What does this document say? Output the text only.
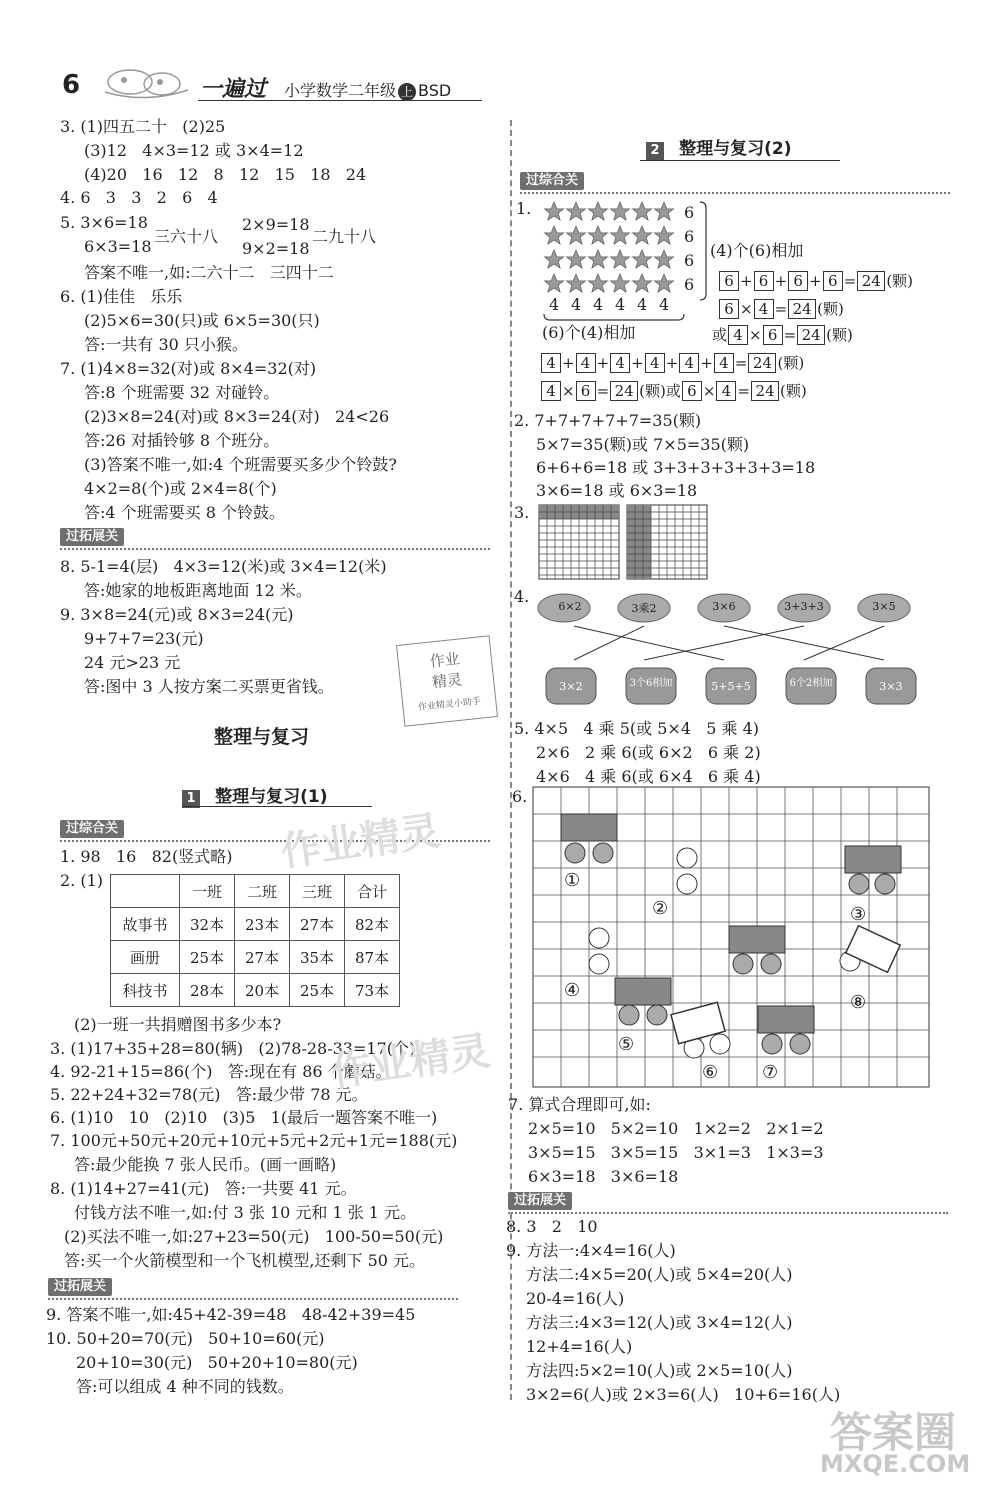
6	一遍过 小学数学二年级 上 BSD
3. (1)四五二十   (2)25
(3)12   4×3=12 或 3×4=12
(4)20   16   12   8   12   15   18   24
4. 6   3   3   2   6   4
5. 3×6=18
6×3=18
三六十八
2×9=18
9×2=18
二九十八
答案不唯一,如:二六十二   三四十二
6. (1)佳佳   乐乐
(2)5×6=30(只)或 6×5=30(只)
答:一共有 30 只小猴。
7. (1)4×8=32(对)或 8×4=32(对)
答:8 个班需要 32 对碰铃。
(2)3×8=24(对)或 8×3=24(对)   24<26
答:26 对插铃够 8 个班分。
(3)答案不唯一,如:4 个班需要买多少个铃鼓?
4×2=8(个)或 2×4=8(个)
答:4 个班需要买 8 个铃鼓。
过拓展关
8. 5-1=4(层)   4×3=12(米)或 3×4=12(米)
答:她家的地板距离地面 12 米。
9. 3×8=24(元)或 8×3=24(元)
9+7+7=23(元)
24 元>23 元
答:图中 3 人按方案二买票更省钱。
作业
精灵
作业精灵小助手
整理与复习
1 整理与复习(1)
过综合关
1. 98   16   82(竖式略)
2. (1)
	一班	二班	三班	合计
故事书	32本	23本	27本	82本
画册	25本	27本	35本	87本
科技书	28本	20本	25本	73本
(2)一班一共捐赠图书多少本?
3. (1)17+35+28=80(辆)   (2)78-28-33=17(个)
4. 92-21+15=86(个)   答:现在有 86 个蘑菇。
5. 22+24+32=78(元)   答:最少带 78 元。
6. (1)10   10   (2)10   (3)5   1(最后一题答案不唯一)
7. 100元+50元+20元+10元+5元+2元+1元=188(元)
答:最少能换 7 张人民币。(画一画略)
8. (1)14+27=41(元)   答:一共要 41 元。
付钱方法不唯一,如:付 3 张 10 元和 1 张 1 元。
(2)买法不唯一,如:27+23=50(元)   100-50=50(元)
答:买一个火箭模型和一个飞机模型,还剩下 50 元。
过拓展关
9. 答案不唯一,如:45+42-39=48   48-42+39=45
10. 50+20=70(元)   50+10=60(元)
20+10=30(元)   50+20+10=80(元)
答:可以组成 4 种不同的钱数。
2 整理与复习(2)
过综合关
1.	6
6
6
6
4 4 4 4 4 4
(4)个(6)相加
6 + 6 + 6 + 6 = 24 (颗)
6 × 4 = 24 (颗)
(6)个(4)相加	或 4 × 6 = 24 (颗)
4 + 4 + 4 + 4 + 4 + 4 = 24 (颗)
4 × 6 = 24 (颗)或 6 × 4 = 24 (颗)
2. 7+7+7+7+7=35(颗)
5×7=35(颗)或 7×5=35(颗)
6+6+6=18 或 3+3+3+3+3+3=18
3×6=18 或 6×3=18
3.
4.
6×2	3乘2	3×6	3+3+3	3×5
3×2	3个6相加	5+5+5	6个2相加	3×3
5. 4×5   4 乘 5(或 5×4   5 乘 4)
2×6   2 乘 6(或 6×2   6 乘 2)
4×6   4 乘 6(或 6×4   6 乘 4)
6.
①
②	③
④
⑤
⑥ ⑦
⑧
7. 算式合理即可,如:
2×5=10   5×2=10   1×2=2   2×1=2
3×5=15   3×5=15   3×1=3   1×3=3
6×3=18   3×6=18
过拓展关
8. 3   2   10
9. 方法一:4×4=16(人)
方法二:4×5=20(人)或 5×4=20(人)
20-4=16(人)
方法三:4×3=12(人)或 3×4=12(人)
12+4=16(人)
方法四:5×2=10(人)或 2×5=10(人)
3×2=6(人)或 2×3=6(人)   10+6=16(人)
作业精灵
作业精灵
答案圈
MXQE.COM
